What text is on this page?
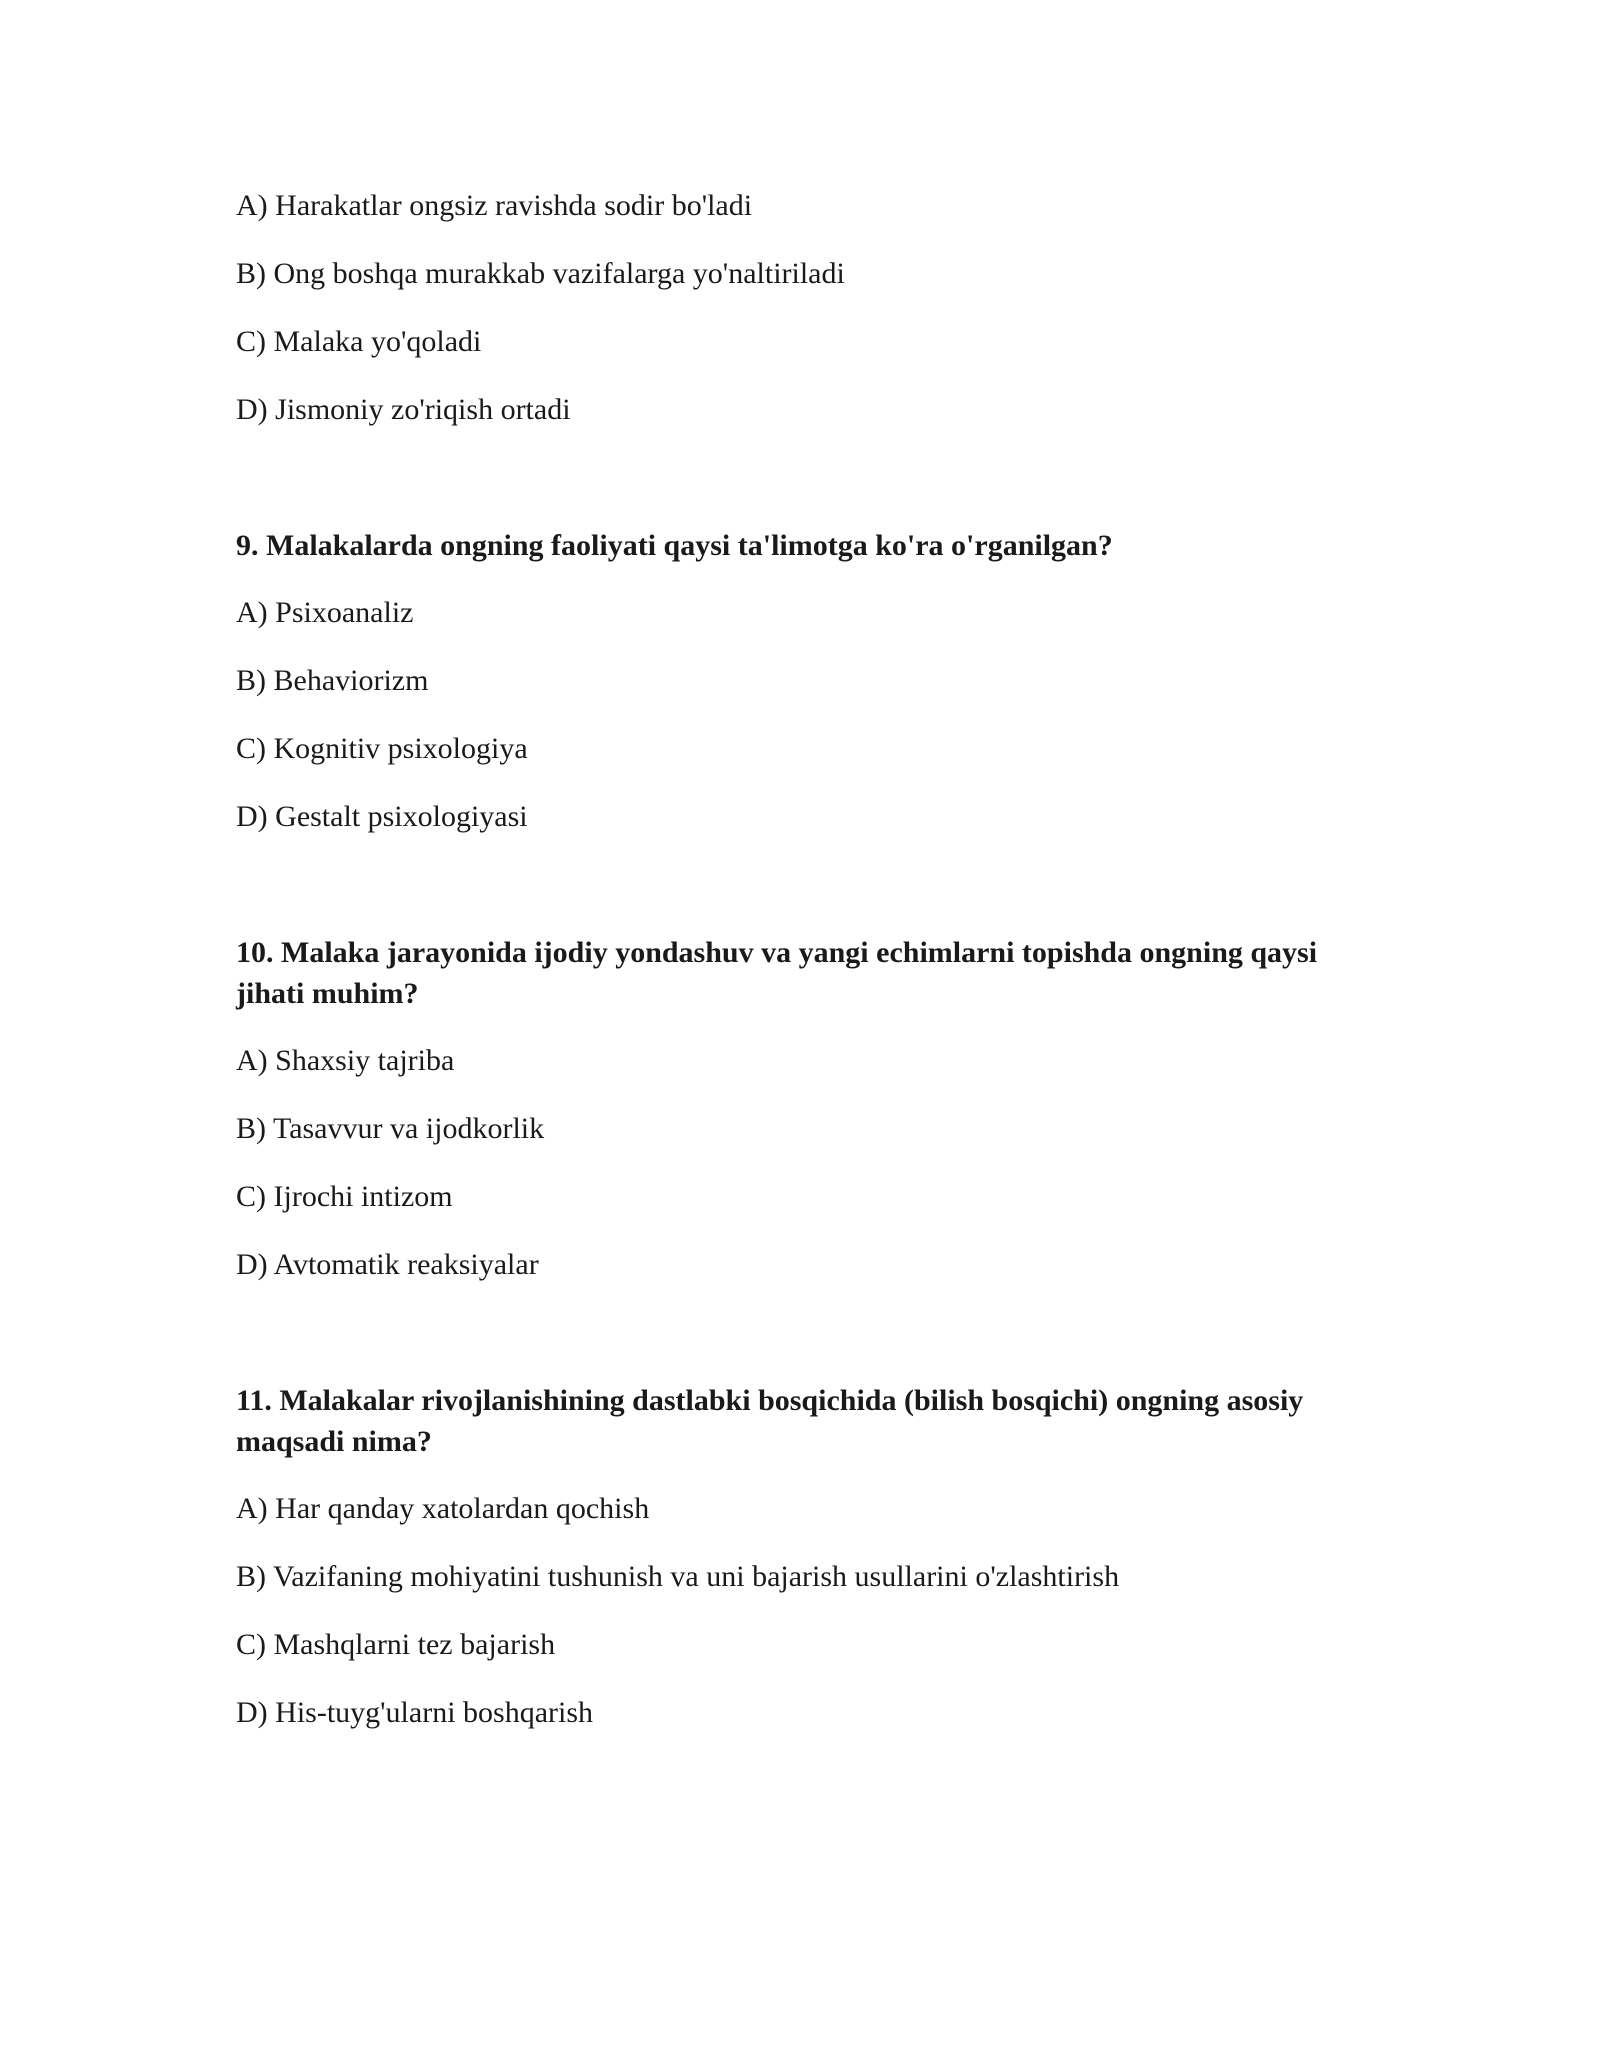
A) Harakatlar ongsiz ravishda sodir bo'ladi
B) Ong boshqa murakkab vazifalarga yo'naltiriladi
C) Malaka yo'qoladi
D) Jismoniy zo'riqish ortadi
9. Malakalarda ongning faoliyati qaysi ta'limotga ko'ra o'rganilgan?
A) Psixoanaliz
B) Behaviorizm
C) Kognitiv psixologiya
D) Gestalt psixologiyasi
10. Malaka jarayonida ijodiy yondashuv va yangi echimlarni topishda ongning qaysi jihati muhim?
A) Shaxsiy tajriba
B) Tasavvur va ijodkorlik
C) Ijrochi intizom
D) Avtomatik reaksiyalar
11. Malakalar rivojlanishining dastlabki bosqichida (bilish bosqichi) ongning asosiy maqsadi nima?
A) Har qanday xatolardan qochish
B) Vazifaning mohiyatini tushunish va uni bajarish usullarini o'zlashtirish
C) Mashqlarni tez bajarish
D) His-tuyg'ularni boshqarish
